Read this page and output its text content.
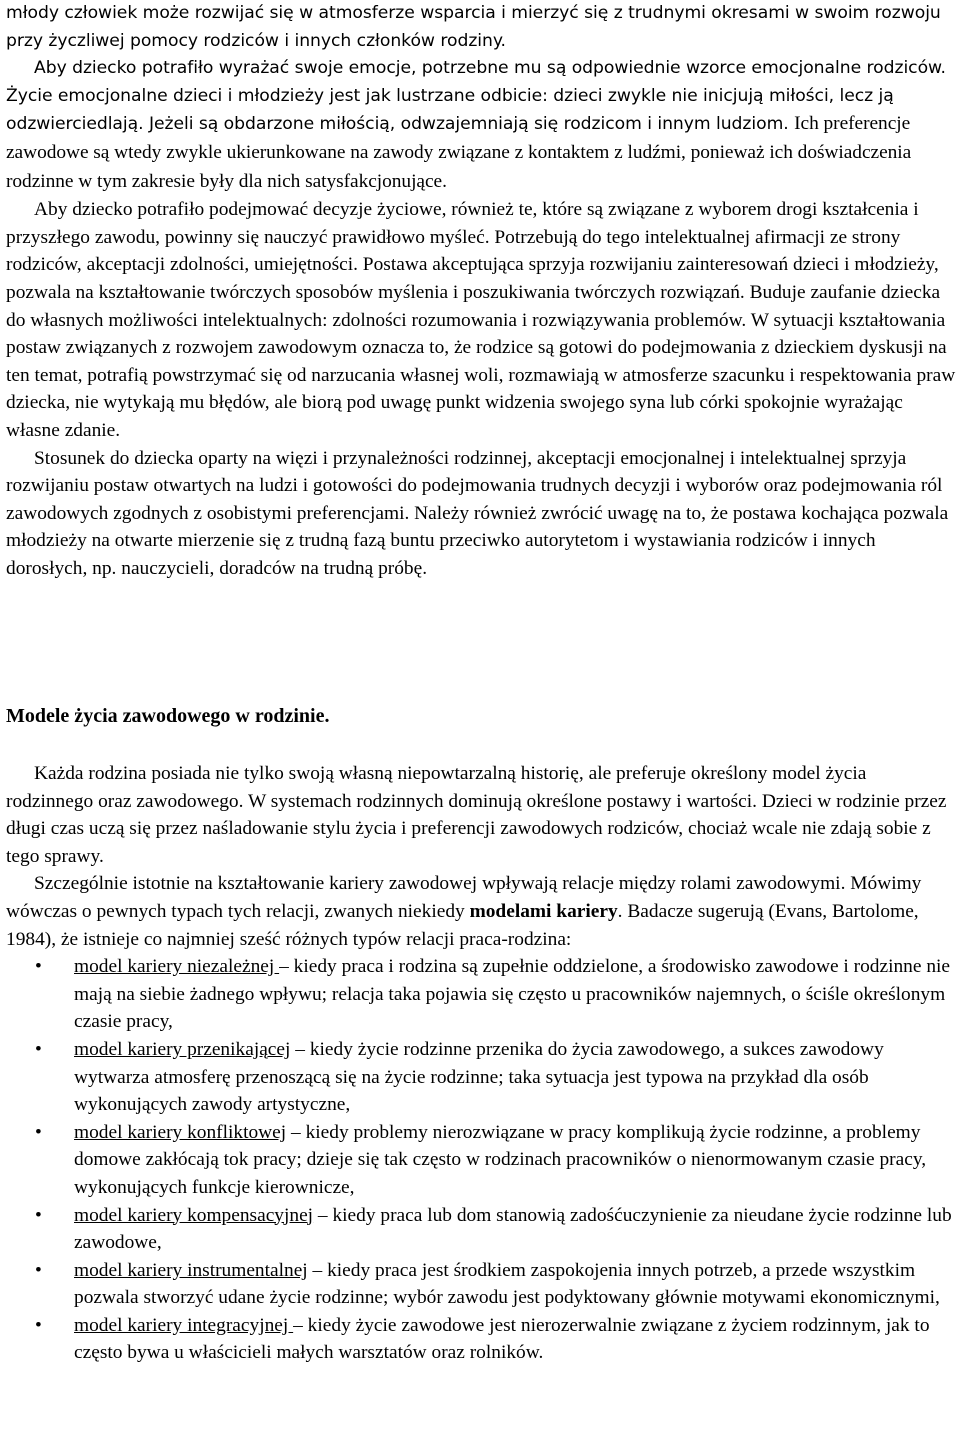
młody człowiek może rozwijać się w atmosferze wsparcia i mierzyć się z trudnymi okresami w swoim rozwoju przy życzliwej pomocy rodziców i innych członków rodziny.

Aby dziecko potrafiło wyrażać swoje emocje, potrzebne mu są odpowiednie wzorce emocjonalne rodziców. Życie emocjonalne dzieci i młodzieży jest jak lustrzane odbicie: dzieci zwykle nie inicjują miłości, lecz ją odzwierciedlają. Jeżeli są obdarzone miłością, odwzajemniają się rodzicom i innym ludziom. Ich preferencje zawodowe są wtedy zwykle ukierunkowane na zawody związane z kontaktem z ludźmi, ponieważ ich doświadczenia rodzinne w tym zakresie były dla nich satysfakcjonujące.

Aby dziecko potrafiło podejmować decyzje życiowe, również te, które są związane z wyborem drogi kształcenia i przyszłego zawodu, powinny się nauczyć prawidłowo myśleć. Potrzebują do tego intelektualnej afirmacji ze strony rodziców, akceptacji zdolności, umiejętności. Postawa akceptująca sprzyja rozwijaniu zainteresowań dzieci i młodzieży, pozwala na kształtowanie twórczych sposobów myślenia i poszukiwania twórczych rozwiązań. Buduje zaufanie dziecka do własnych możliwości intelektualnych: zdolności rozumowania i rozwiązywania problemów. W sytuacji kształtowania postaw związanych z rozwojem zawodowym oznacza to, że rodzice są gotowi do podejmowania z dzieckiem dyskusji na ten temat, potrafią powstrzymać się od narzucania własnej woli, rozmawiają w atmosferze szacunku i respektowania praw dziecka, nie wytykają mu błędów, ale biorą pod uwagę punkt widzenia swojego syna lub córki spokojnie wyrażając własne zdanie.

Stosunek do dziecka oparty na więzi i przynależności rodzinnej, akceptacji emocjonalnej i intelektualnej sprzyja rozwijaniu postaw otwartych na ludzi i gotowości do podejmowania trudnych decyzji i wyborów oraz podejmowania ról zawodowych zgodnych z osobistymi preferencjami. Należy również zwrócić uwagę na to, że postawa kochająca pozwala młodzieży na otwarte mierzenie się z trudną fazą buntu przeciwko autorytetom i wystawiania rodziców i innych dorosłych, np. nauczycieli, doradców na trudną próbę.

Modele życia zawodowego w rodzinie.

Każda rodzina posiada nie tylko swoją własną niepowtarzalną historię, ale preferuje określony model życia rodzinnego oraz zawodowego. W systemach rodzinnych dominują określone postawy i wartości. Dzieci w rodzinie przez długi czas uczą się przez naśladowanie stylu życia i preferencji zawodowych rodziców, chociaż wcale nie zdają sobie z tego sprawy.

Szczególnie istotnie na kształtowanie kariery zawodowej wpływają relacje między rolami zawodowymi. Mówimy wówczas o pewnych typach tych relacji, zwanych niekiedy modelami kariery. Badacze sugerują (Evans, Bartolome, 1984), że istnieje co najmniej sześć różnych typów relacji praca-rodzina:

• model kariery niezależnej – kiedy praca i rodzina są zupełnie oddzielone, a środowisko zawodowe i rodzinne nie mają na siebie żadnego wpływu; relacja taka pojawia się często u pracowników najemnych, o ściśle określonym czasie pracy,
• model kariery przenikającej – kiedy życie rodzinne przenika do życia zawodowego, a sukces zawodowy wytwarza atmosferę przenoszącą się na życie rodzinne; taka sytuacja jest typowa na przykład dla osób wykonujących zawody artystyczne,
• model kariery konfliktowej – kiedy problemy nierozwiązane w pracy komplikują życie rodzinne, a problemy domowe zakłócają tok pracy; dzieje się tak często w rodzinach pracowników o nienormowanym czasie pracy, wykonujących funkcje kierownicze,
• model kariery kompensacyjnej – kiedy praca lub dom stanowią zadośćuczynienie za nieudane życie rodzinne lub zawodowe,
• model kariery instrumentalnej – kiedy praca jest środkiem zaspokojenia innych potrzeb, a przede wszystkim pozwala stworzyć udane życie rodzinne; wybór zawodu jest podyktowany głównie motywami ekonomicznymi,
• model kariery integracyjnej – kiedy życie zawodowe jest nierozerwalnie związane z życiem rodzinnym, jak to często bywa u właścicieli małych warsztatów oraz rolników.
